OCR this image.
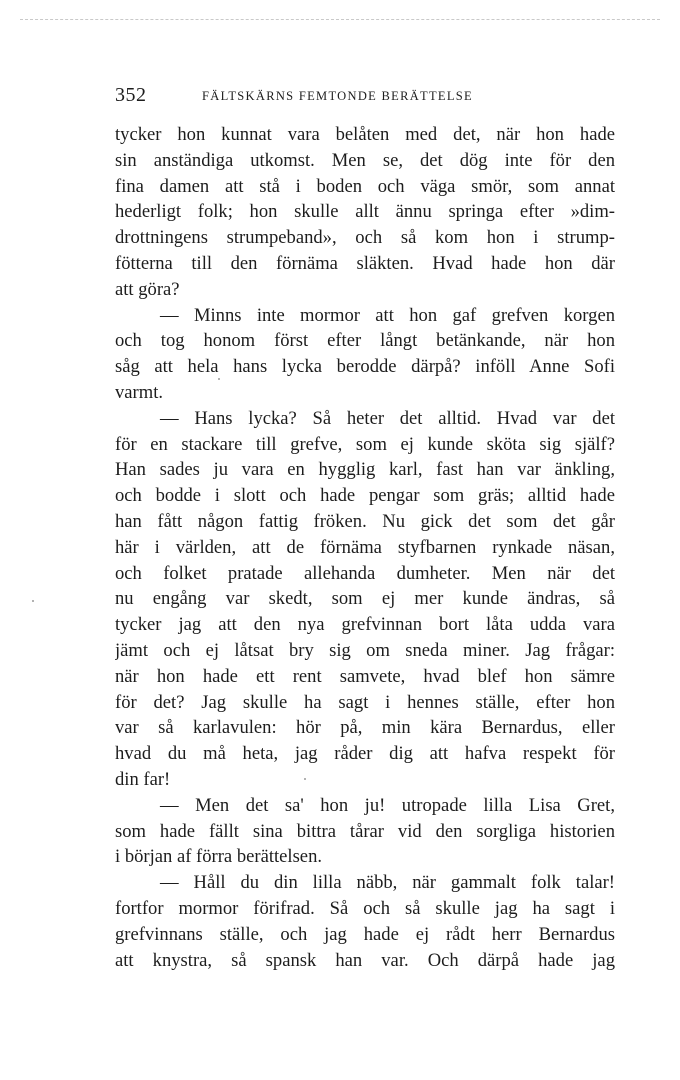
352	FÄLTSKÄRNS FEMTONDE BERÄTTELSE
tycker hon kunnat vara belåten med det, när hon hade
sin anständiga utkomst. Men se, det dög inte för den
fina damen att stå i boden och väga smör, som annat
hederligt folk; hon skulle allt ännu springa efter »dim-
drottningens strumpeband», och så kom hon i strump-
fötterna till den förnäma släkten. Hvad hade hon där
att göra?
— Minns inte mormor att hon gaf grefven korgen
och tog honom först efter långt betänkande, när hon
såg att hela hans lycka berodde därpå? inföll Anne Sofi
varmt.
— Hans lycka? Så heter det alltid. Hvad var det
för en stackare till grefve, som ej kunde sköta sig själf?
Han sades ju vara en hygglig karl, fast han var änkling,
och bodde i slott och hade pengar som gräs; alltid hade
han fått någon fattig fröken. Nu gick det som det går
här i världen, att de förnäma styfbarnen rynkade näsan,
och folket pratade allehanda dumheter. Men när det
nu engång var skedt, som ej mer kunde ändras, så
tycker jag att den nya grefvinnan bort låta udda vara
jämt och ej låtsat bry sig om sneda miner. Jag frågar:
när hon hade ett rent samvete, hvad blef hon sämre
för det? Jag skulle ha sagt i hennes ställe, efter hon
var så karlavulen: hör på, min kära Bernardus, eller
hvad du må heta, jag råder dig att hafva respekt för
din far!
— Men det sa' hon ju! utropade lilla Lisa Gret,
som hade fällt sina bittra tårar vid den sorgliga historien
i början af förra berättelsen.
— Håll du din lilla näbb, när gammalt folk talar!
fortfor mormor förifrad. Så och så skulle jag ha sagt i
grefvinnans ställe, och jag hade ej rådt herr Bernardus
att knystra, så spansk han var. Och därpå hade jag
